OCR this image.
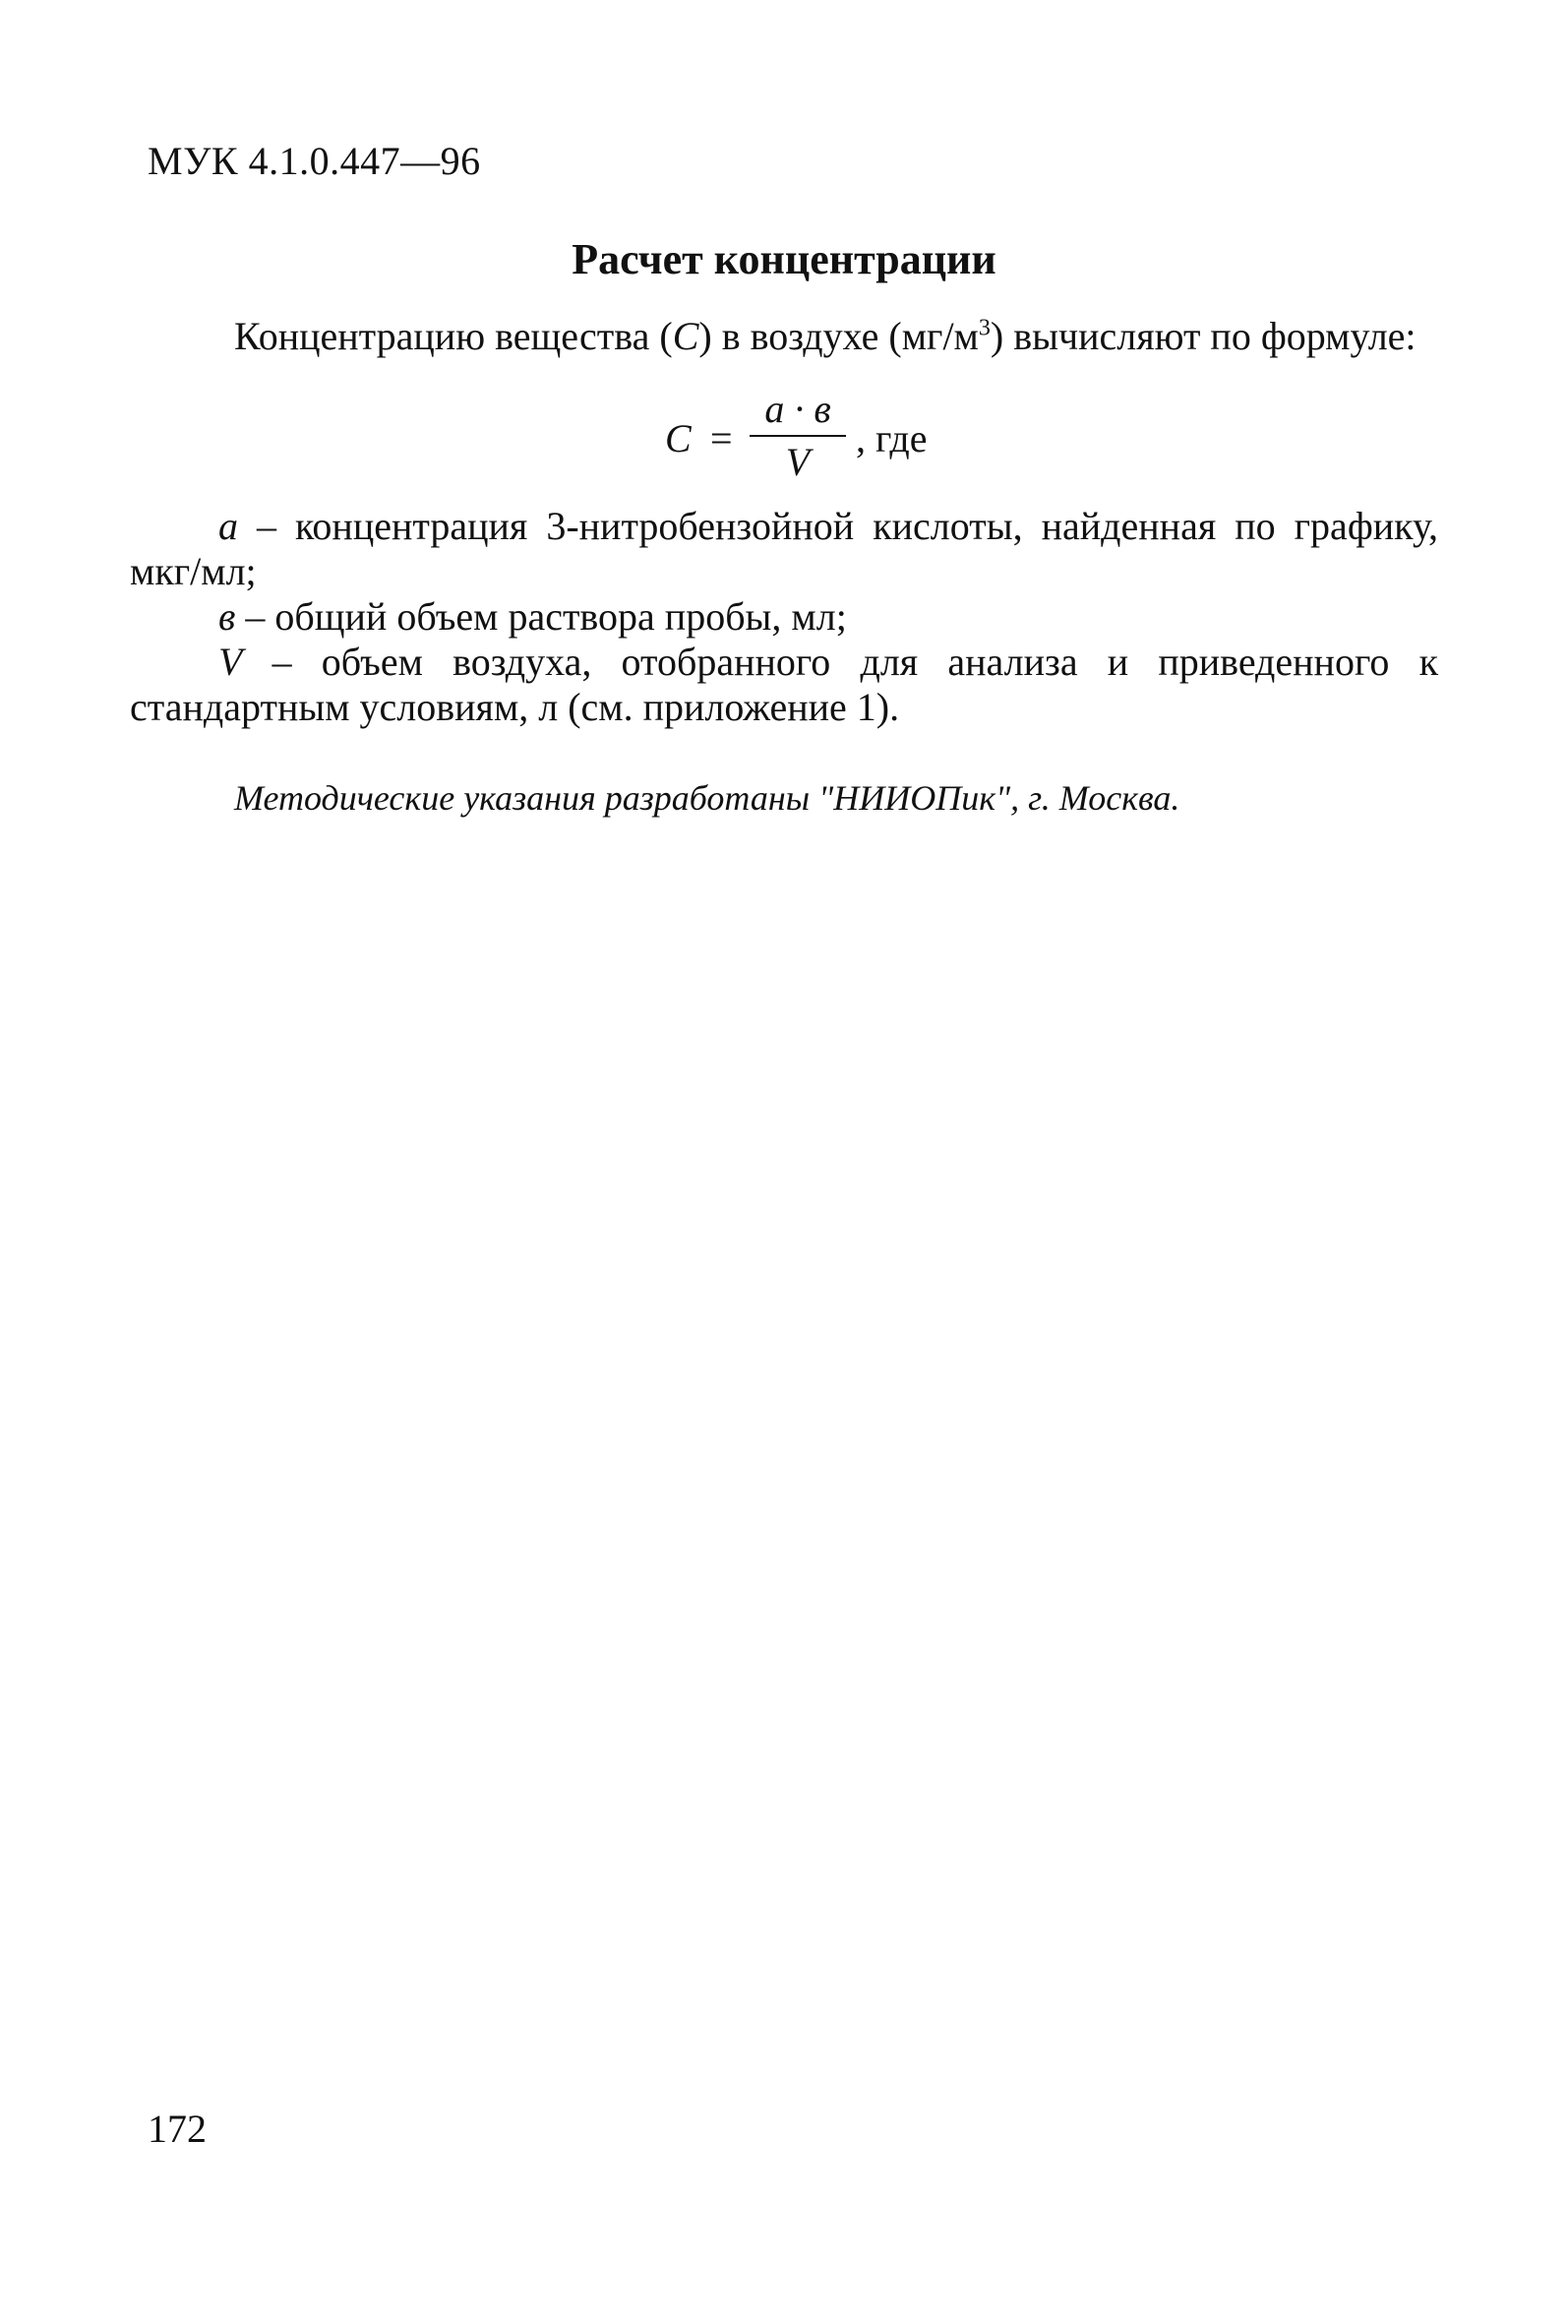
МУК 4.1.0.447—96
Расчет концентрации
Концентрацию вещества (С) в воздухе $(мг/м^3)$ вычисляют по формуле:
С =
а · в
V
, где

а – концентрация 3-нитробензойной кислоты, найденная по графику, мкг/мл;

в – общий объем раствора пробы, мл;

V – объем воздуха, отобранного для анализа и приведенного к стандартным условиям, л (см. приложение 1).

Методические указания разработаны "НИИОПик", г. Москва.
172
